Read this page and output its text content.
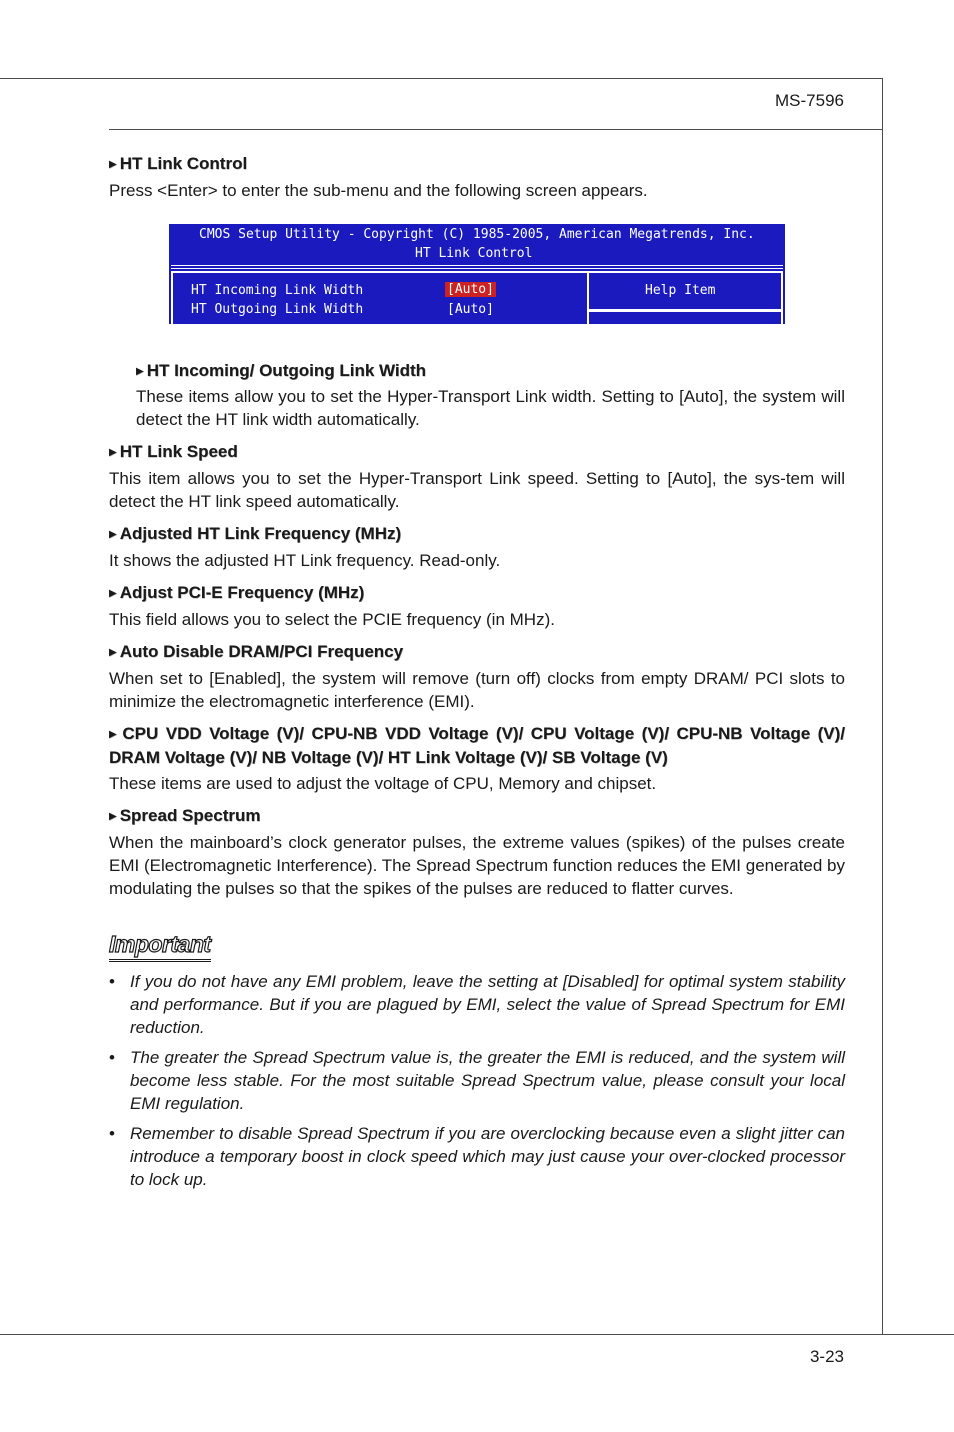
MS-7596
3-23

▶ HT Link Control

Press <Enter> to enter the sub-menu and the following screen appears.

CMOS Setup Utility - Copyright (C) 1985-2005, American Megatrends, Inc.
HT Link Control
HT Incoming Link Width	[Auto]
HT Outgoing Link Width	[Auto]
Help Item

▶ HT Incoming/ Outgoing Link Width

These items allow you to set the Hyper-Transport Link width. Setting to [Auto], the system will detect the HT link width automatically.

▶ HT Link Speed

This item allows you to set the Hyper-Transport Link speed. Setting to [Auto], the sys-tem will detect the HT link speed automatically.

▶ Adjusted HT Link Frequency (MHz)

It shows the adjusted HT Link frequency. Read-only.

▶ Adjust PCI-E Frequency (MHz)

This field allows you to select the PCIE frequency (in MHz).

▶ Auto Disable DRAM/PCI Frequency

When set to [Enabled], the system will remove (turn off) clocks from empty DRAM/ PCI slots to minimize the electromagnetic interference (EMI).

▶ CPU VDD Voltage (V)/ CPU-NB VDD Voltage (V)/ CPU Voltage (V)/ CPU-NB Voltage (V)/ DRAM Voltage (V)/ NB Voltage (V)/ HT Link Voltage (V)/ SB Voltage (V)

These items are used to adjust the voltage of CPU, Memory and chipset.

▶ Spread Spectrum

When the mainboard’s clock generator pulses, the extreme values (spikes) of the pulses create EMI (Electromagnetic Interference). The Spread Spectrum function reduces the EMI generated by modulating the pulses so that the spikes of the pulses are reduced to flatter curves.

Important
• If you do not have any EMI problem, leave the setting at [Disabled] for optimal system stability and performance. But if you are plagued by EMI, select the value of Spread Spectrum for EMI reduction.
• The greater the Spread Spectrum value is, the greater the EMI is reduced, and the system will become less stable. For the most suitable Spread Spectrum value, please consult your local EMI regulation.
• Remember to disable Spread Spectrum if you are overclocking because even a slight jitter can introduce a temporary boost in clock speed which may just cause your over-clocked processor to lock up.
